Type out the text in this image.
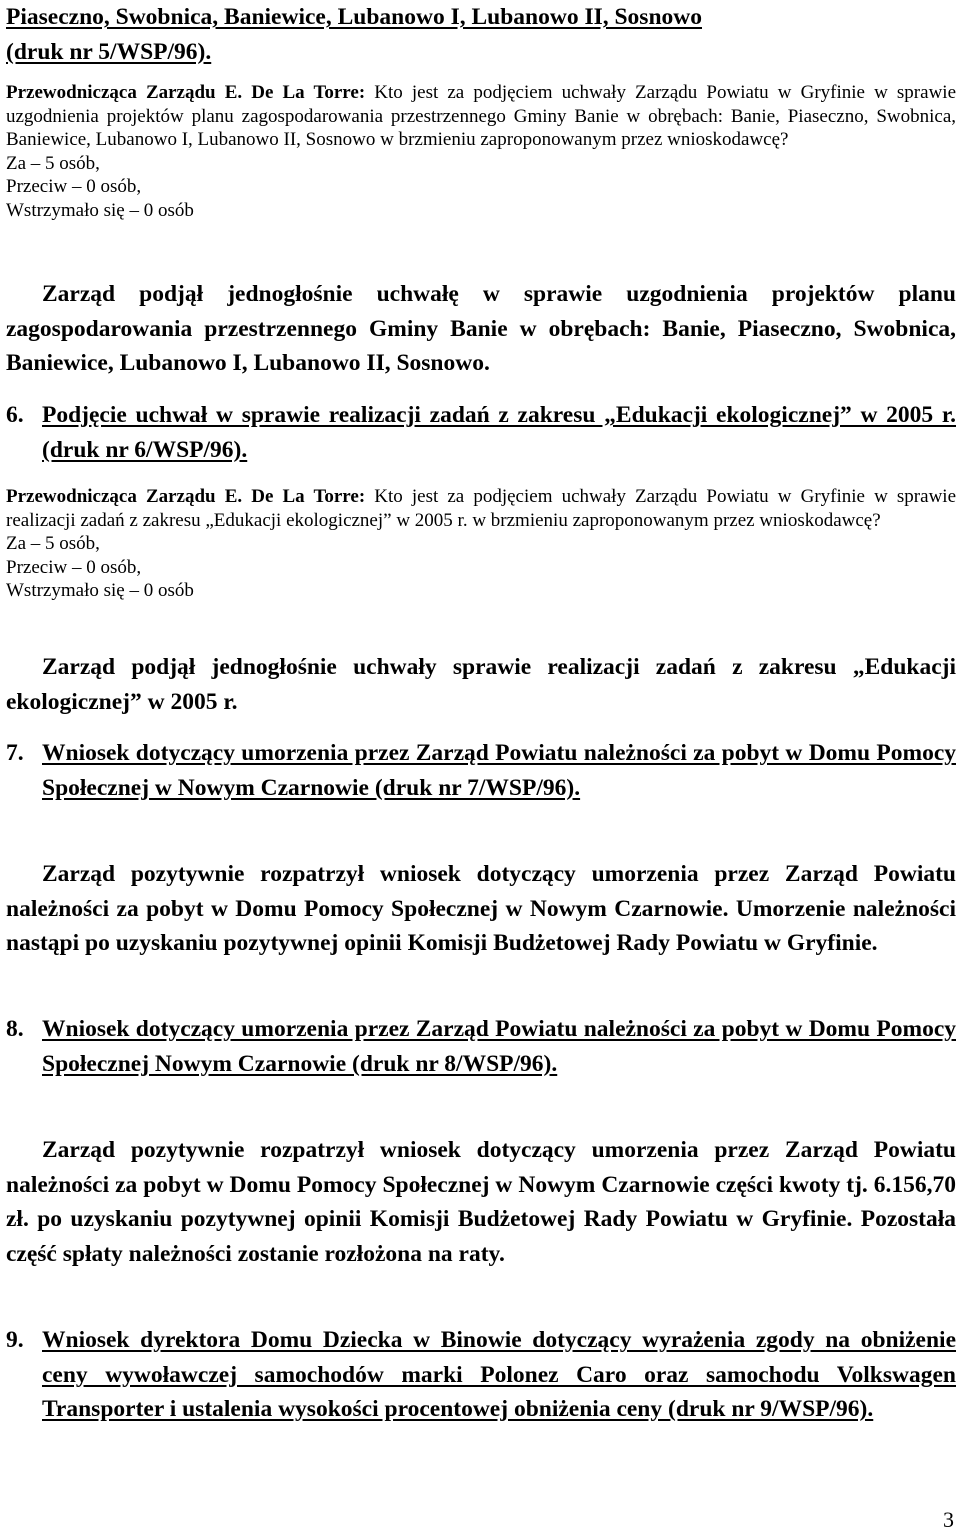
Piaseczno, Swobnica, Baniewice, Lubanowo I, Lubanowo II, Sosnowo
(druk nr 5/WSP/96).

Przewodnicząca Zarządu E. De La Torre: Kto jest za podjęciem uchwały Zarządu Powiatu w Gryfinie w sprawie uzgodnienia projektów planu zagospodarowania przestrzennego Gminy Banie w obrębach: Banie, Piaseczno, Swobnica, Baniewice, Lubanowo I, Lubanowo II, Sosnowo w brzmieniu zaproponowanym przez wnioskodawcę?

Za – 5 osób,
Przeciw – 0 osób,
Wstrzymało się – 0 osób

Zarząd podjął jednogłośnie uchwałę w sprawie uzgodnienia projektów planu zagospodarowania przestrzennego Gminy Banie w obrębach: Banie, Piaseczno, Swobnica, Baniewice, Lubanowo I, Lubanowo II, Sosnowo.

6. Podjęcie uchwał w sprawie realizacji zadań z zakresu „Edukacji ekologicznej” w 2005 r. (druk nr 6/WSP/96).

Przewodnicząca Zarządu E. De La Torre: Kto jest za podjęciem uchwały Zarządu Powiatu w Gryfinie w sprawie realizacji zadań z zakresu „Edukacji ekologicznej” w 2005 r. w brzmieniu zaproponowanym przez wnioskodawcę?

Za – 5 osób,
Przeciw – 0 osób,
Wstrzymało się – 0 osób

Zarząd podjął jednogłośnie uchwały sprawie realizacji zadań z zakresu „Edukacji ekologicznej” w 2005 r.

7. Wniosek dotyczący umorzenia przez Zarząd Powiatu należności za pobyt w Domu Pomocy Społecznej w Nowym Czarnowie (druk nr 7/WSP/96).

Zarząd pozytywnie rozpatrzył wniosek dotyczący umorzenia przez Zarząd Powiatu należności za pobyt w Domu Pomocy Społecznej w Nowym Czarnowie. Umorzenie należności nastąpi po uzyskaniu pozytywnej opinii Komisji Budżetowej Rady Powiatu w Gryfinie.

8. Wniosek dotyczący umorzenia przez Zarząd Powiatu należności za pobyt w Domu Pomocy Społecznej Nowym Czarnowie (druk nr 8/WSP/96).

Zarząd pozytywnie rozpatrzył wniosek dotyczący umorzenia przez Zarząd Powiatu należności za pobyt w Domu Pomocy Społecznej w Nowym Czarnowie części kwoty tj. 6.156,70 zł. po uzyskaniu pozytywnej opinii Komisji Budżetowej Rady Powiatu w Gryfinie. Pozostała część spłaty należności zostanie rozłożona na raty.

9. Wniosek dyrektora Domu Dziecka w Binowie dotyczący wyrażenia zgody na obniżenie ceny wywoławczej samochodów marki Polonez Caro oraz samochodu Volkswagen Transporter i ustalenia wysokości procentowej obniżenia ceny (druk nr 9/WSP/96).

3
